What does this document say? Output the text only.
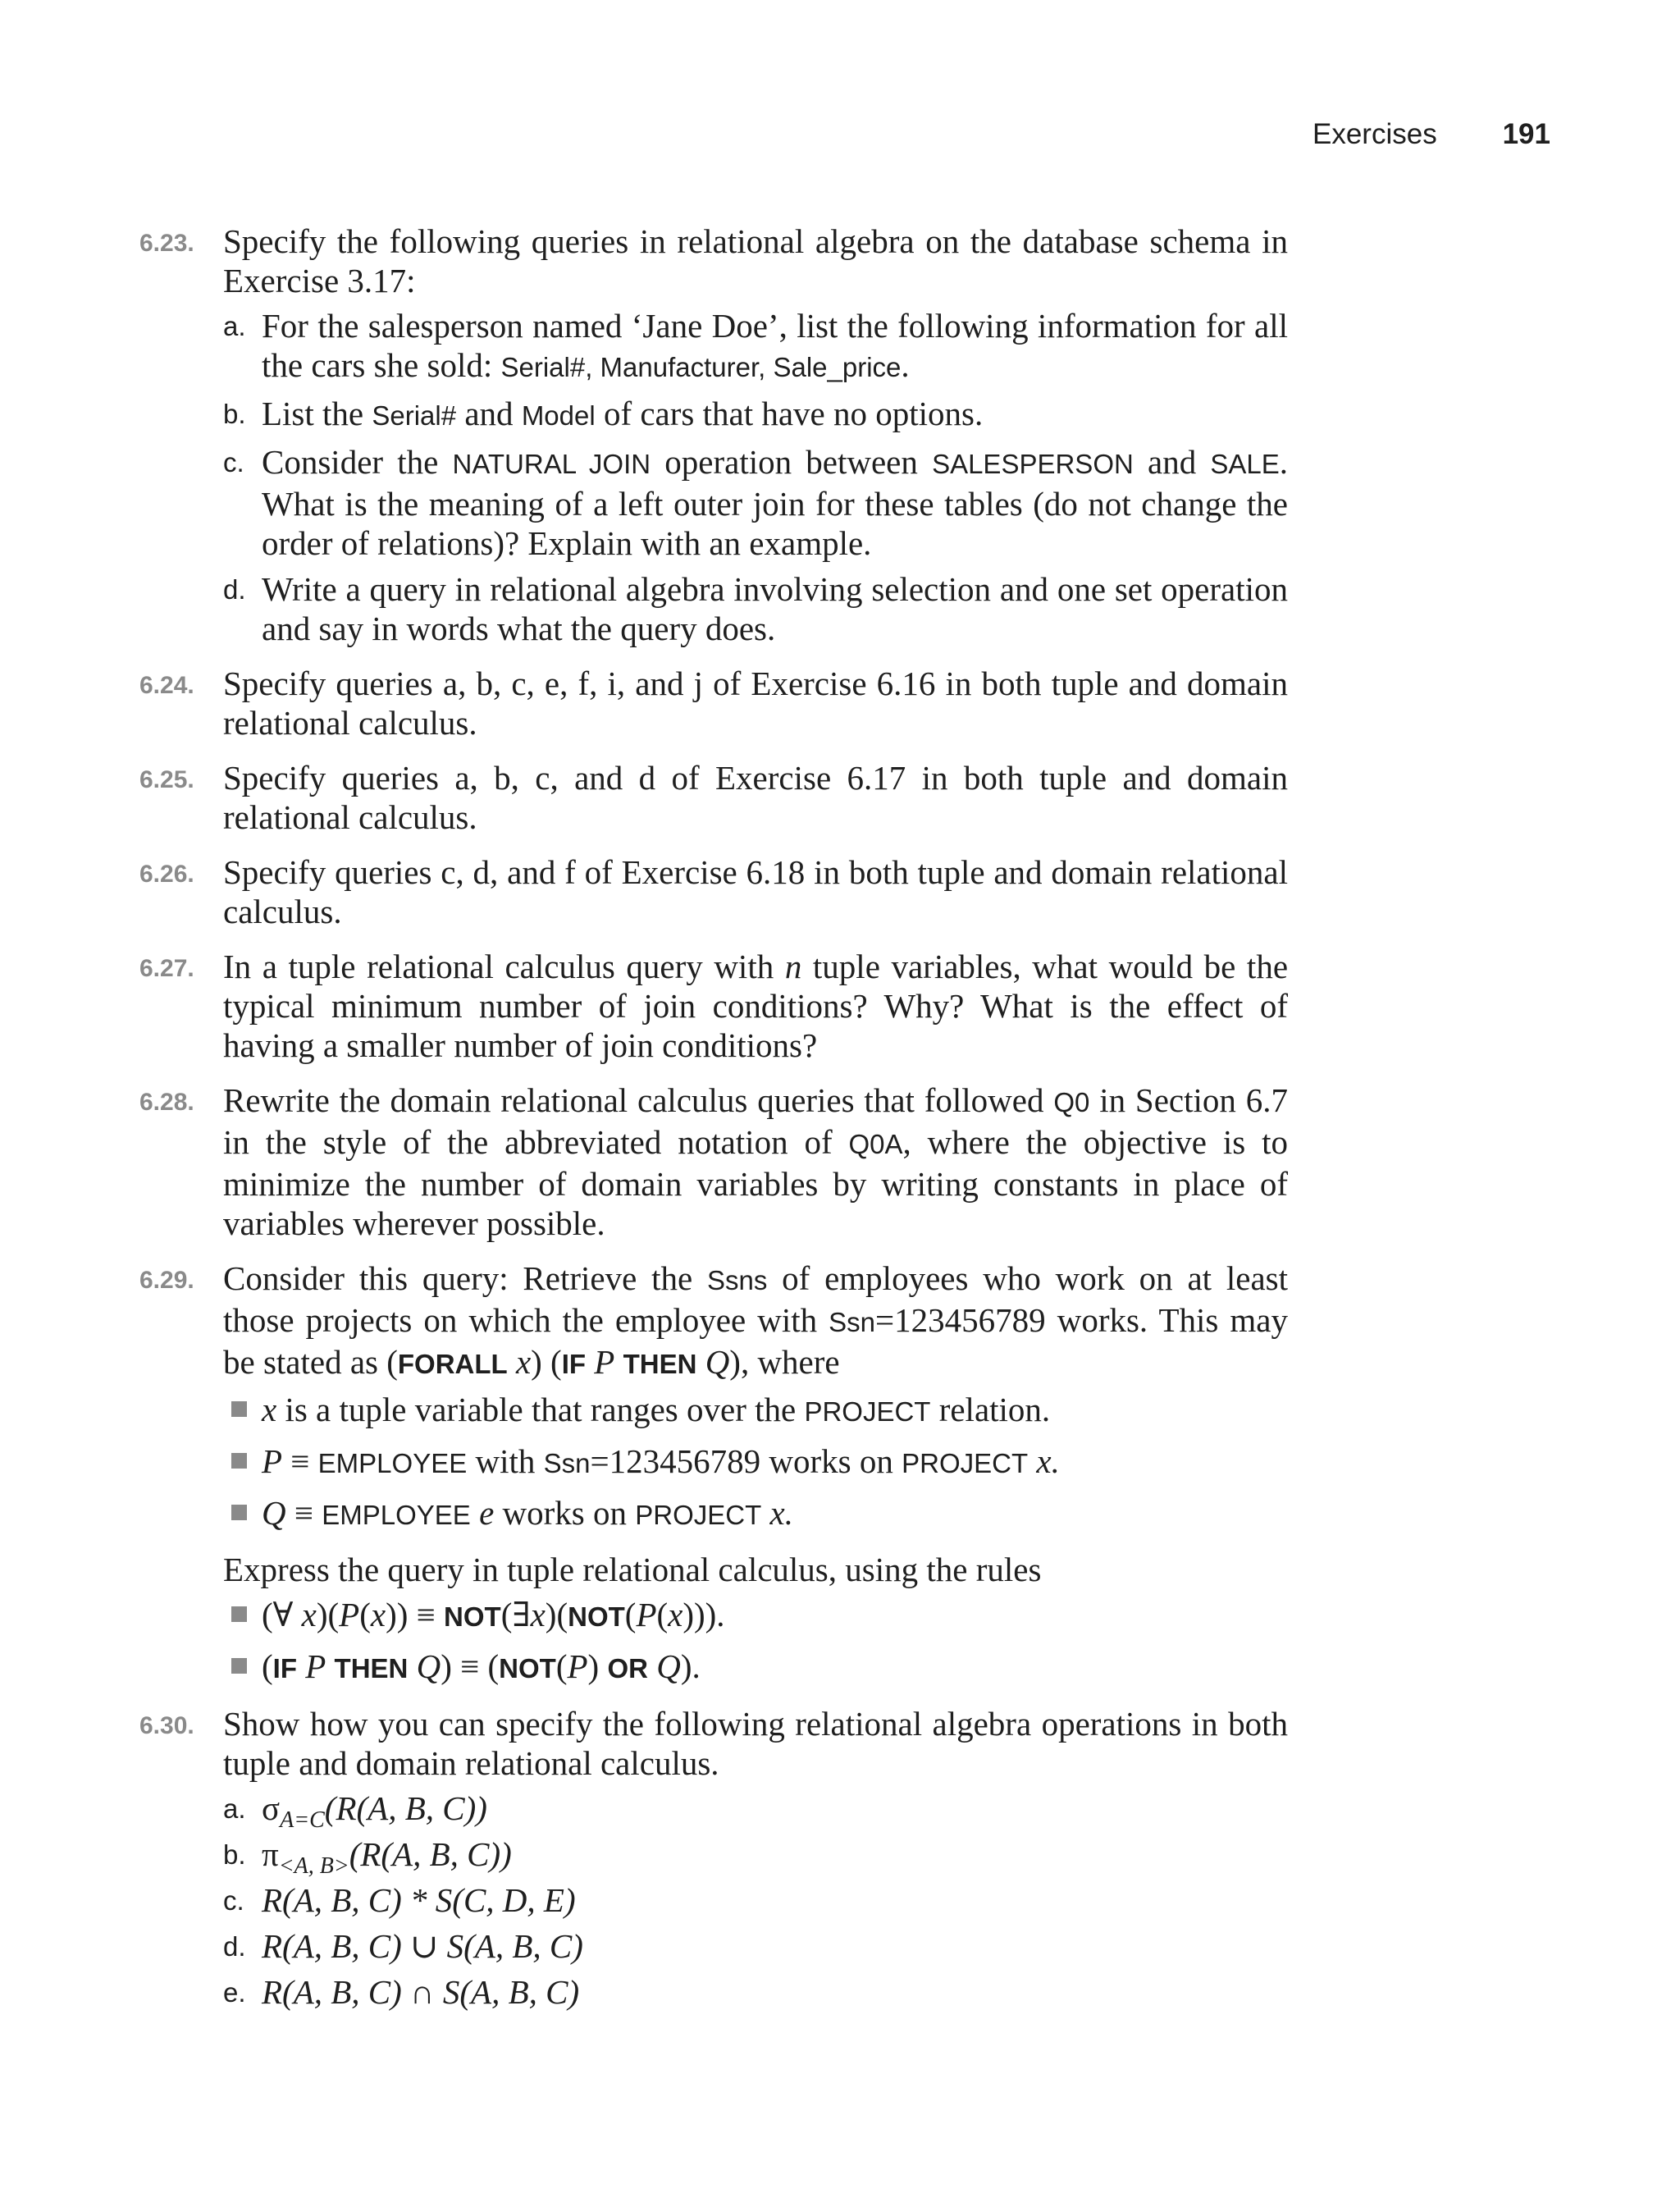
Exercises 191
6.23. Specify the following queries in relational algebra on the database schema in Exercise 3.17:
a. For the salesperson named ‘Jane Doe’, list the following information for all the cars she sold: Serial#, Manufacturer, Sale_price.
b. List the Serial# and Model of cars that have no options.
c. Consider the NATURAL JOIN operation between SALESPERSON and SALE. What is the meaning of a left outer join for these tables (do not change the order of relations)? Explain with an example.
d. Write a query in relational algebra involving selection and one set operation and say in words what the query does.
6.24. Specify queries a, b, c, e, f, i, and j of Exercise 6.16 in both tuple and domain relational calculus.
6.25. Specify queries a, b, c, and d of Exercise 6.17 in both tuple and domain relational calculus.
6.26. Specify queries c, d, and f of Exercise 6.18 in both tuple and domain relational calculus.
6.27. In a tuple relational calculus query with n tuple variables, what would be the typical minimum number of join conditions? Why? What is the effect of having a smaller number of join conditions?
6.28. Rewrite the domain relational calculus queries that followed Q0 in Section 6.7 in the style of the abbreviated notation of Q0A, where the objective is to minimize the number of domain variables by writing constants in place of variables wherever possible.
6.29. Consider this query: Retrieve the Ssns of employees who work on at least those projects on which the employee with Ssn=123456789 works. This may be stated as (FORALL x) (IF P THEN Q), where
x is a tuple variable that ranges over the PROJECT relation.
P ≡ EMPLOYEE with Ssn=123456789 works on PROJECT x.
Q ≡ EMPLOYEE e works on PROJECT x.
Express the query in tuple relational calculus, using the rules
(∀ x)(P(x)) ≡ NOT(∃x)(NOT(P(x))).
(IF P THEN Q) ≡ (NOT(P) OR Q).
6.30. Show how you can specify the following relational algebra operations in both tuple and domain relational calculus.
a. $\sigma_{A=C}(R(A$, B, C))
b. $\pi_{<A, B>}(R(A$, B, C))
c. R(A, B, C) * S(C, D, E)
d. R(A, B, C) ∪ S(A, B, C)
e. R(A, B, C) ∩ S(A, B, C)
